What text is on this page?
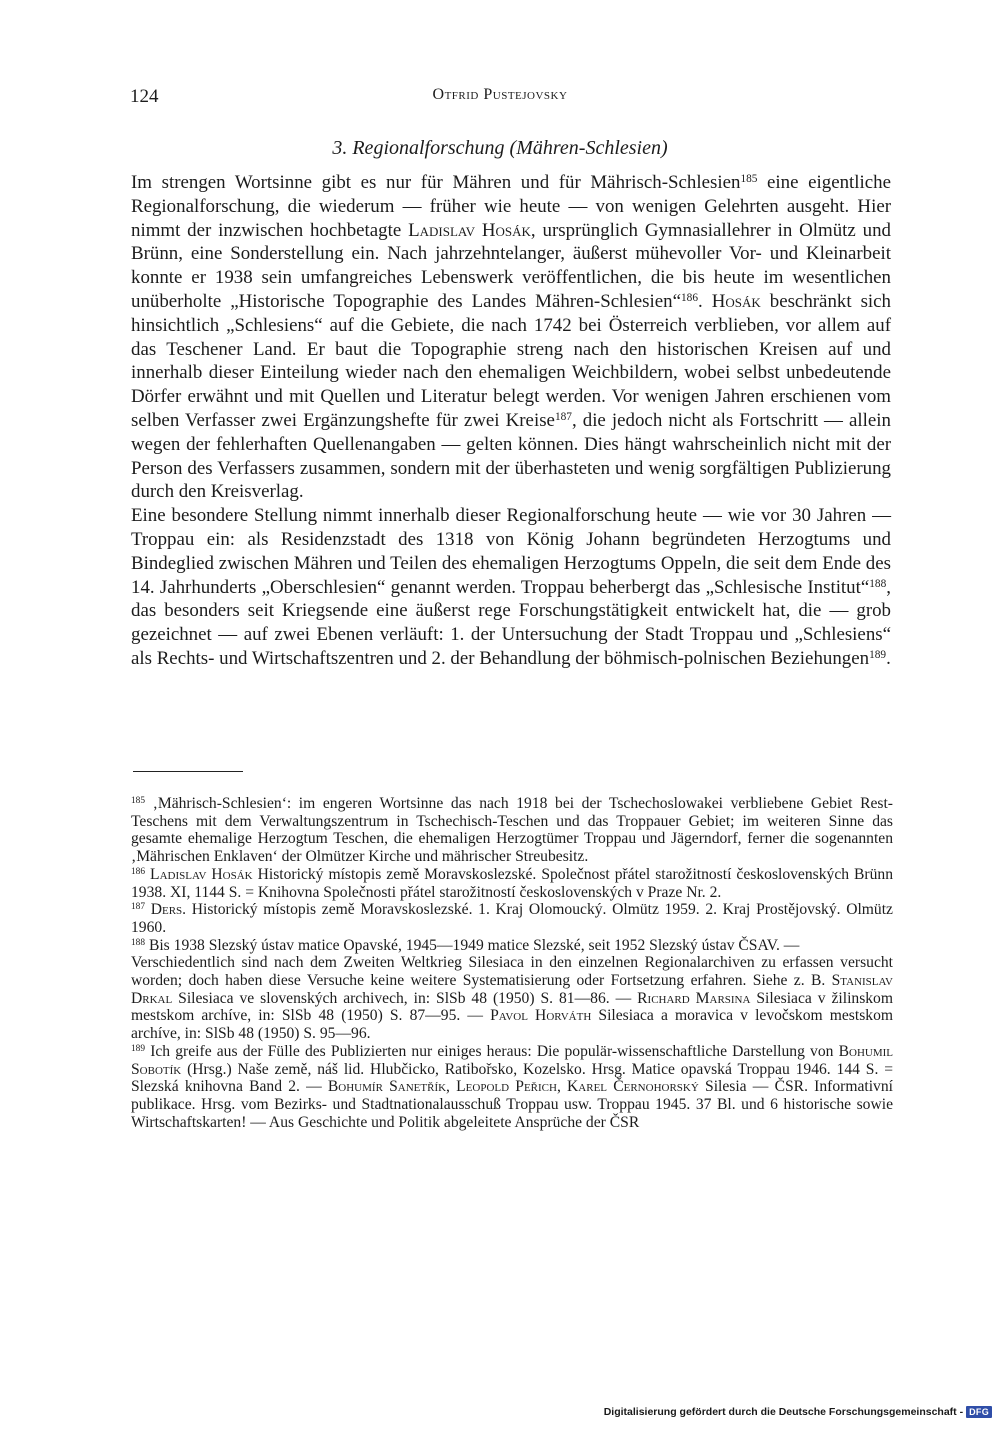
124	Otfrid Pustejovsky
3. Regionalforschung (Mähren-Schlesien)

Im strengen Wortsinne gibt es nur für Mähren und für Mährisch-Schlesien$^{185}$ eine eigentliche Regionalforschung, die wiederum — früher wie heute — von wenigen Gelehrten ausgeht. Hier nimmt der inzwischen hochbetagte Ladislav Hosák, ursprünglich Gymnasiallehrer in Olmütz und Brünn, eine Sonderstellung ein. Nach jahrzehntelanger, äußerst mühevoller Vor- und Kleinarbeit konnte er 1938 sein umfangreiches Lebenswerk veröffentlichen, die bis heute im wesentlichen unüberholte „Historische Topographie des Landes Mähren-Schlesien“$^{186}$. Hosák beschränkt sich hinsichtlich „Schlesiens“ auf die Gebiete, die nach 1742 bei Österreich verblieben, vor allem auf das Teschener Land. Er baut die Topographie streng nach den historischen Kreisen auf und innerhalb dieser Einteilung wieder nach den ehemaligen Weichbildern, wobei selbst unbedeutende Dörfer erwähnt und mit Quellen und Literatur belegt werden. Vor wenigen Jahren erschienen vom selben Verfasser zwei Ergänzungshefte für zwei Kreise$^{187}$, die jedoch nicht als Fortschritt — allein wegen der fehlerhaften Quellenangaben — gelten können. Dies hängt wahrscheinlich nicht mit der Person des Verfassers zusammen, sondern mit der überhasteten und wenig sorgfältigen Publizierung durch den Kreisverlag.

Eine besondere Stellung nimmt innerhalb dieser Regionalforschung heute — wie vor 30 Jahren — Troppau ein: als Residenzstadt des 1318 von König Johann begründeten Herzogtums und Bindeglied zwischen Mähren und Teilen des ehemaligen Herzogtums Oppeln, die seit dem Ende des 14. Jahrhunderts „Oberschlesien“ genannt werden. Troppau beherbergt das „Schlesische Institut“$^{188}$, das besonders seit Kriegsende eine äußerst rege Forschungstätigkeit entwickelt hat, die — grob gezeichnet — auf zwei Ebenen verläuft: 1. der Untersuchung der Stadt Troppau und „Schlesiens“ als Rechts- und Wirtschaftszentren und 2. der Behandlung der böhmisch-polnischen Beziehungen$^{189}$.

$^{185}$ ‚Mährisch-Schlesien‘: im engeren Wortsinne das nach 1918 bei der Tschechoslowakei verbliebene Gebiet Rest-Teschens mit dem Verwaltungszentrum in Tschechisch-Teschen und das Troppauer Gebiet; im weiteren Sinne das gesamte ehemalige Herzogtum Teschen, die ehemaligen Herzogtümer Troppau und Jägerndorf, ferner die sogenannten ‚Mährischen Enklaven‘ der Olmützer Kirche und mährischer Streubesitz.

$^{186}$ Ladislav Hosák Historický místopis země Moravskoslezské. Společnost přátel starožitností československých Brünn 1938. XI, 1144 S. = Knihovna Společnosti přátel starožitností československých v Praze Nr. 2.

$^{187}$ Ders. Historický místopis země Moravskoslezské. 1. Kraj Olomoucký. Olmütz 1959. 2. Kraj Prostějovský. Olmütz 1960.

$^{188}$ Bis 1938 Slezský ústav matice Opavské, 1945—1949 matice Slezské, seit 1952 Slezský ústav ČSAV. —

Verschiedentlich sind nach dem Zweiten Weltkrieg Silesiaca in den einzelnen Regionalarchiven zu erfassen versucht worden; doch haben diese Versuche keine weitere Systematisierung oder Fortsetzung erfahren. Siehe z. B. Stanislav Drkal Silesiaca ve slovenských archivech, in: SlSb 48 (1950) S. 81—86. — Richard Marsina Silesiaca v žilinskom mestskom archíve, in: SlSb 48 (1950) S. 87—95. — Pavol Horváth Silesiaca a moravica v levočskom mestskom archíve, in: SlSb 48 (1950) S. 95—96.

$^{189}$ Ich greife aus der Fülle des Publizierten nur einiges heraus: Die populär-wissenschaftliche Darstellung von Bohumil Sobotík (Hrsg.) Naše země, náš lid. Hlubčicko, Ratibořsko, Kozelsko. Hrsg. Matice opavská Troppau 1946. 144 S. = Slezská knihovna Band 2. — Bohumír Sanetřík, Leopold Peřich, Karel Černohorský Silesia — ČSR. Informativní publikace. Hrsg. vom Bezirks- und Stadtnationalausschuß Troppau usw. Troppau 1945. 37 Bl. und 6 historische sowie Wirtschaftskarten! — Aus Geschichte und Politik abgeleitete Ansprüche der ČSR

Digitalisierung gefördert durch die Deutsche Forschungsgemeinschaft - DFG
